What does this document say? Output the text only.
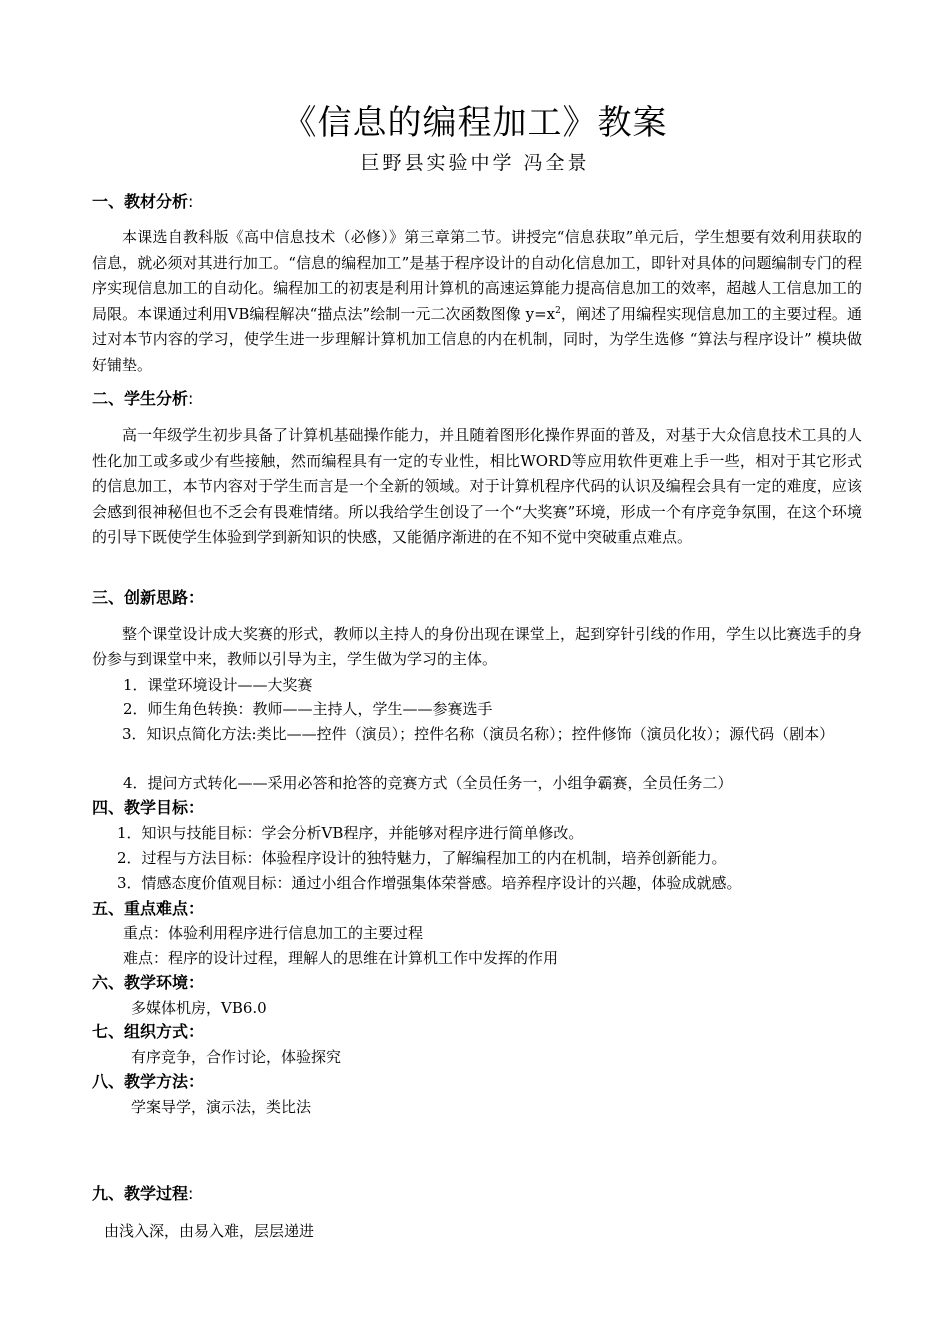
《信息的编程加工》教案
巨野县实验中学 冯全景
一、教材分析:
本课选自教科版《高中信息技术（必修）》第三章第二节。讲授完“信息获取”单元后，学生想要有效利用获取的信息，就必须对其进行加工。“信息的编程加工”是基于程序设计的自动化信息加工，即针对具体的问题编制专门的程序实现信息加工的自动化。编程加工的初衷是利用计算机的高速运算能力提高信息加工的效率，超越人工信息加工的局限。本课通过利用VB编程解决“描点法”绘制一元二次函数图像 $y=x^2$，阐述了用编程实现信息加工的主要过程。通过对本节内容的学习，使学生进一步理解计算机加工信息的内在机制，同时，为学生选修 “算法与程序设计” 模块做好铺垫。
二、学生分析:
高一年级学生初步具备了计算机基础操作能力，并且随着图形化操作界面的普及，对基于大众信息技术工具的人性化加工或多或少有些接触，然而编程具有一定的专业性，相比WORD等应用软件更难上手一些，相对于其它形式的信息加工，本节内容对于学生而言是一个全新的领域。对于计算机程序代码的认识及编程会具有一定的难度，应该会感到很神秘但也不乏会有畏难情绪。所以我给学生创设了一个“大奖赛”环境，形成一个有序竞争氛围，在这个环境的引导下既使学生体验到学到新知识的快感，又能循序渐进的在不知不觉中突破重点难点。
三、创新思路：
整个课堂设计成大奖赛的形式，教师以主持人的身份出现在课堂上，起到穿针引线的作用，学生以比赛选手的身份参与到课堂中来，教师以引导为主，学生做为学习的主体。
1．课堂环境设计——大奖赛
2．师生角色转换：教师——主持人，学生——参赛选手
3．知识点简化方法:类比——控件（演员）；控件名称（演员名称）；控件修饰（演员化妆）；源代码（剧本）
4．提问方式转化——采用必答和抢答的竞赛方式（全员任务一，小组争霸赛，全员任务二）
四、教学目标：
1．知识与技能目标：学会分析VB程序，并能够对程序进行简单修改。
2．过程与方法目标：体验程序设计的独特魅力，了解编程加工的内在机制，培养创新能力。
3．情感态度价值观目标：通过小组合作增强集体荣誉感。培养程序设计的兴趣，体验成就感。
五、重点难点：
重点：体验利用程序进行信息加工的主要过程
难点：程序的设计过程，理解人的思维在计算机工作中发挥的作用
六、教学环境：
多媒体机房，VB6.0
七、组织方式：
有序竞争，合作讨论，体验探究
八、教学方法：
学案导学，演示法，类比法
九、教学过程:
由浅入深，由易入难，层层递进
